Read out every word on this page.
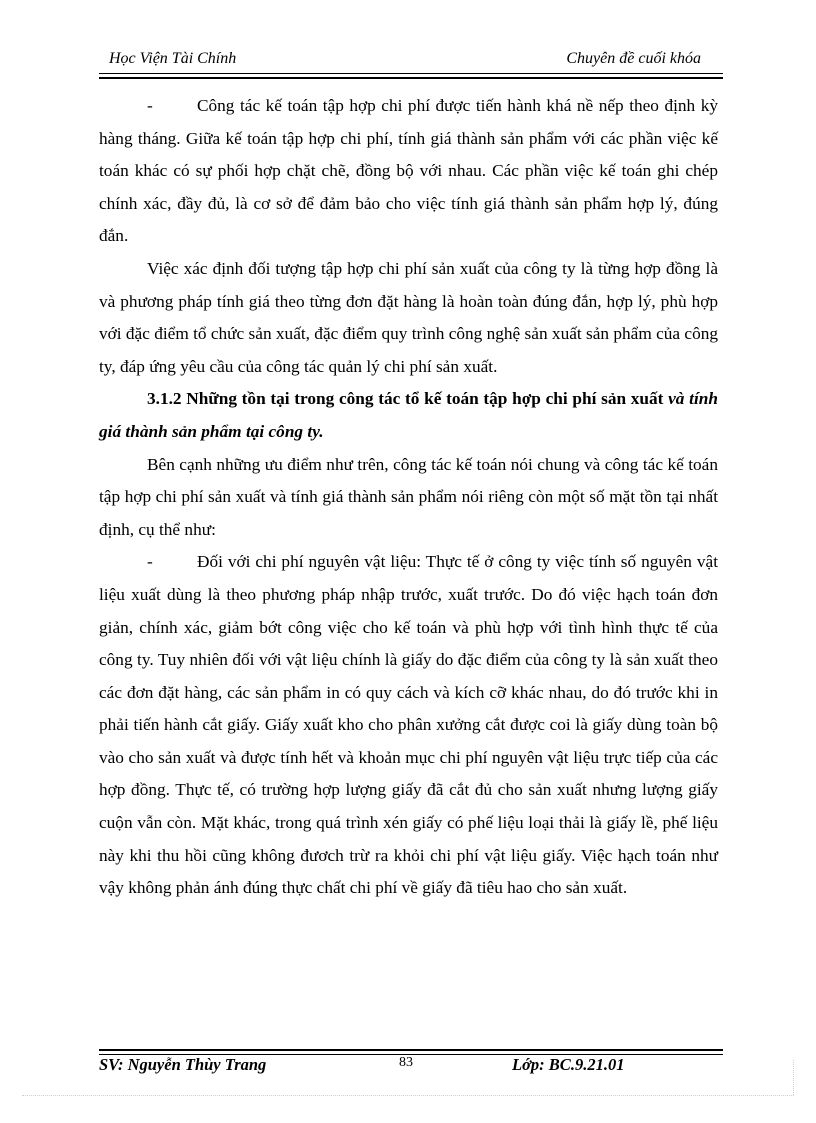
Học Viện Tài Chính	Chuyên đề cuối khóa

-	Công tác kế toán tập hợp chi phí được tiến hành khá nề nếp theo định kỳ hàng tháng. Giữa kế toán tập hợp chi phí, tính giá thành sản phẩm với các phần việc kế toán khác có sự phối hợp chặt chẽ, đồng bộ với nhau. Các phần việc kế toán ghi chép chính xác, đầy đủ, là cơ sở để đảm bảo cho việc tính giá thành sản phẩm hợp lý, đúng đắn.

Việc xác định đối tượng tập hợp chi phí sản xuất của công ty là từng hợp đồng là và phương pháp tính giá theo từng đơn đặt hàng là hoàn toàn đúng đắn, hợp lý, phù hợp với đặc điểm tổ chức sản xuất, đặc điểm quy trình công nghệ sản xuất sản phẩm của công ty, đáp ứng yêu cầu của công tác quản lý chi phí sản xuất.

3.1.2 Những tồn tại trong công tác tổ kế toán tập hợp chi phí sản xuất và tính giá thành sản phẩm tại công ty.

Bên cạnh những ưu điểm như trên, công tác kế toán nói chung và công tác kế toán tập hợp chi phí sản xuất và tính giá thành sản phẩm nói riêng còn một số mặt tồn tại nhất định, cụ thể như:

-	Đối với chi phí nguyên vật liệu: Thực tế ở công ty việc tính số nguyên vật liệu xuất dùng là theo phương pháp nhập trước, xuất trước. Do đó việc hạch toán đơn giản, chính xác, giảm bớt công việc cho kế toán và phù hợp với tình hình thực tế của công ty. Tuy nhiên đối với vật liệu chính là giấy do đặc điểm của công ty là sản xuất theo các đơn đặt hàng, các sản phẩm in có quy cách và kích cỡ khác nhau, do đó trước khi in phải tiến hành cắt giấy. Giấy xuất kho cho phân xưởng cắt được coi là giấy dùng toàn bộ vào cho sản xuất và được tính hết và khoản mục chi phí nguyên vật liệu trực tiếp của các hợp đồng. Thực tế, có trường hợp lượng giấy đã cắt đủ cho sản xuất nhưng lượng giấy cuộn vẫn còn. Mặt khác, trong quá trình xén giấy có phế liệu loại thải là giấy lề, phế liệu này khi thu hồi cũng không đươch trừ ra khỏi chi phí vật liệu giấy. Việc hạch toán như vậy không phản ánh đúng thực chất chi phí về giấy đã tiêu hao cho sản xuất.

SV: Nguyễn Thùy Trang	83	Lớp: BC.9.21.01
